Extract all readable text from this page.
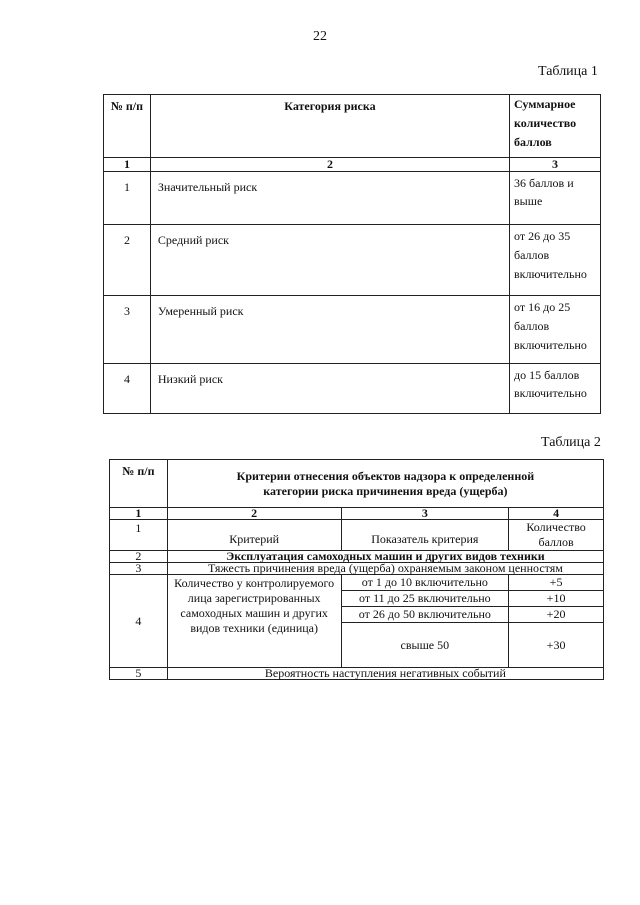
22
Таблица 1
№ п/п	Категория риска	Суммарное количество баллов
1	2	3
1	Значительный риск	36 баллов и выше
2	Средний риск	от 26 до 35 баллов включительно
3	Умеренный риск	от 16 до 25 баллов включительно
4	Низкий риск	до 15 баллов включительно
Таблица 2
№ п/п	Критерии отнесения объектов надзора к определенной категории риска причинения вреда (ущерба)		
1	2	3	4
1	Критерий	Показатель критерия	Количество баллов
2	Эксплуатация самоходных машин и других видов техники		
3	Тяжесть причинения вреда (ущерба) охраняемым законом ценностям		
4	Количество у контролируемого лица зарегистрированных самоходных машин и других видов техники (единица)	от 1 до 10 включительно	+5
		от 11 до 25 включительно	+10
		от 26 до 50 включительно	+20
		свыше 50	+30
5	Вероятность наступления негативных событий		
